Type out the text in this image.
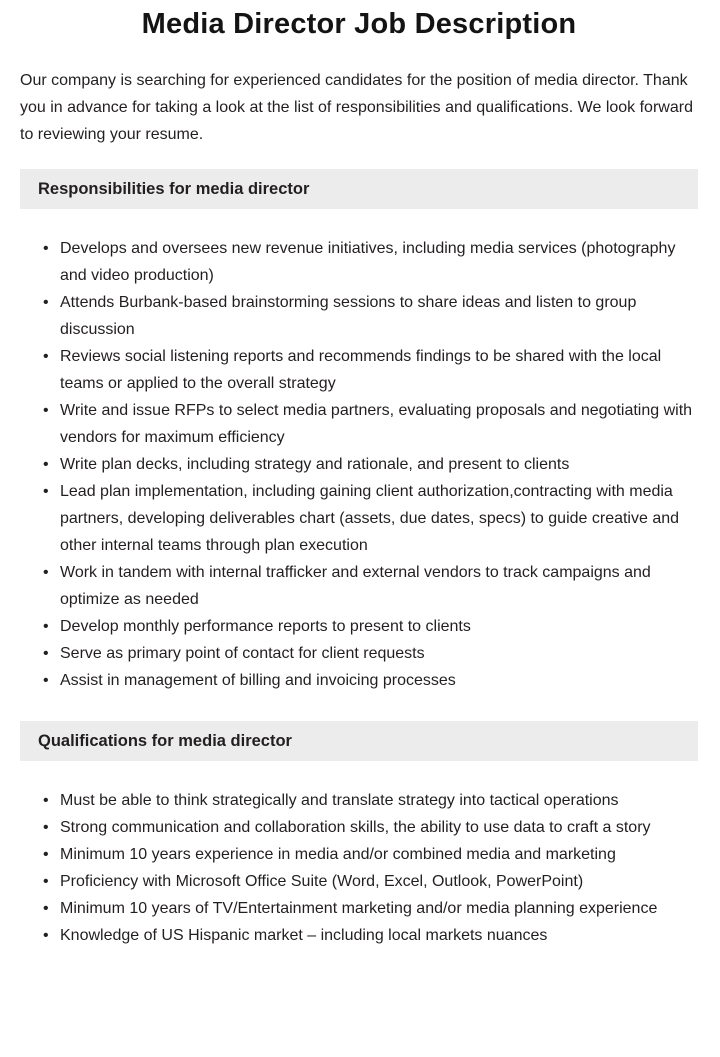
Media Director Job Description

Our company is searching for experienced candidates for the position of media director. Thank you in advance for taking a look at the list of responsibilities and qualifications. We look forward to reviewing your resume.

Responsibilities for media director
• Develops and oversees new revenue initiatives, including media services (photography and video production)
• Attends Burbank-based brainstorming sessions to share ideas and listen to group discussion
• Reviews social listening reports and recommends findings to be shared with the local teams or applied to the overall strategy
• Write and issue RFPs to select media partners, evaluating proposals and negotiating with vendors for maximum efficiency
• Write plan decks, including strategy and rationale, and present to clients
• Lead plan implementation, including gaining client authorization,contracting with media partners, developing deliverables chart (assets, due dates, specs) to guide creative and other internal teams through plan execution
• Work in tandem with internal trafficker and external vendors to track campaigns and optimize as needed
• Develop monthly performance reports to present to clients
• Serve as primary point of contact for client requests
• Assist in management of billing and invoicing processes
Qualifications for media director
• Must be able to think strategically and translate strategy into tactical operations
• Strong communication and collaboration skills, the ability to use data to craft a story
• Minimum 10 years experience in media and/or combined media and marketing
• Proficiency with Microsoft Office Suite (Word, Excel, Outlook, PowerPoint)
• Minimum 10 years of TV/Entertainment marketing and/or media planning experience
• Knowledge of US Hispanic market – including local markets nuances
